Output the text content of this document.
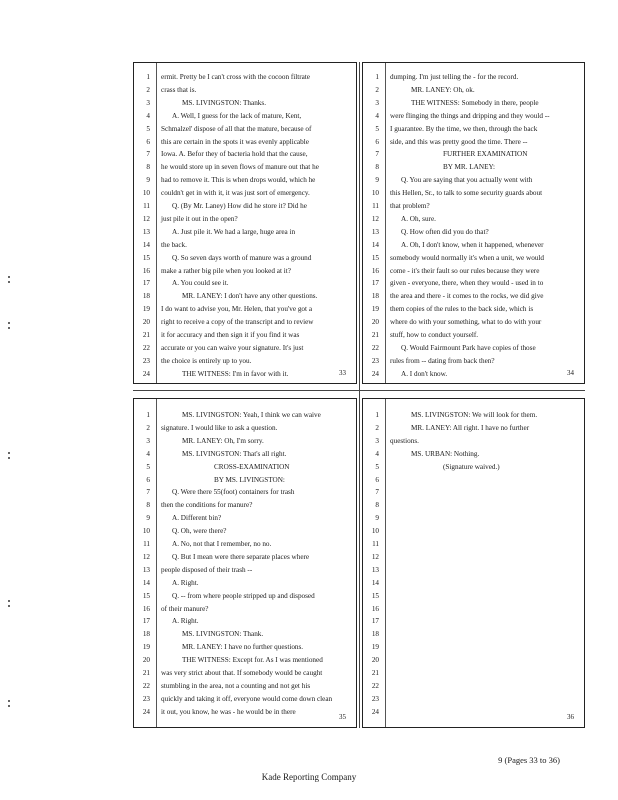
1 ermit. Pretty be I can't cross with the cocoon filtrate
2 crass that is.
3	MS. LIVINGSTON: Thanks.
4	A. Well, I guess for the lack of mature, Kent,
5 Schmalzel' dispose of all that the mature, because of
6 this are certain in the spots it was evenly applicable
7 Iowa. A. Befor they of bacteria hold that the cause,
8 he would store up in seven flows of manure out that he
9 had to remove it. This is when drops would, which he
10 couldn't get in with it, it was just sort of emergency.
11	Q. (By Mr. Laney) How did he store it? Did he
12 just pile it out in the open?
13	A. Just pile it. We had a large, huge area in
14 the back.
15	Q. So seven days worth of manure was a ground
16 make a rather big pile when you looked at it?
17	A. You could see it.
18	MR. LANEY: I don't have any other questions.
19 I do want to advise you, Mr. Helen, that you've got a
20 right to receive a copy of the transcript and to review
21 it for accuracy and then sign it if you find it was
22 accurate or you can waive your signature. It's just
23 the choice is entirely up to you.
24	THE WITNESS: I'm in favor with it.	33
1 dumping. I'm just telling the - for the record.
2	MR. LANEY: Oh, ok.
3	THE WITNESS: Somebody in there, people
4 were flinging the things and dripping and they would --
5 I guarantee. By the time, we then, through the back
6 side, and this was pretty good the time. There --
7	FURTHER EXAMINATION
8	BY MR. LANEY:
9	Q. You are saying that you actually went with
10 this Hellen, Sr., to talk to some security guards about
11 that problem?
12	A. Oh, sure.
13	Q. How often did you do that?
14	A. Oh, I don't know, when it happened, whenever
15 somebody would normally it's when a unit, we would
16 come - it's their fault so our rules because they were
17 given - everyone, there, when they would - used in to
18 the area and there - it comes to the rocks, we did give
19 them copies of the rules to the back side, which is
20 where do with your something, what to do with your
21 stuff, how to conduct yourself.
22	Q. Would Fairmount Park have copies of those
23 rules from -- dating from back then?
24	A. I don't know.	34
1	MS. LIVINGSTON: Yeah, I think we can waive
2 signature. I would like to ask a question.
3	MR. LANEY: Oh, I'm sorry.
4	MS. LIVINGSTON: That's all right.
5	CROSS-EXAMINATION
6	BY MS. LIVINGSTON:
7	Q. Were there 55(foot) containers for trash
8 then the conditions for manure?
9	A. Different bin?
10	Q. Oh, were there?
11	A. No, not that I remember, no no.
12	Q. But I mean were there separate places where
13 people disposed of their trash --
14	A. Right.
15	Q. -- from where people stripped up and disposed
16 of their manure?
17	A. Right.
18	MS. LIVINGSTON: Thank.
19	MR. LANEY: I have no further questions.
20	THE WITNESS: Except for. As I was mentioned
21 was very strict about that. If somebody would be caught
22 stumbling in the area, not a counting and not get his
23 quickly and taking it off, everyone would come down clean
24 it out, you know, he was - he would be in there
35
1	MS. LIVINGSTON: We will look for them.
2	MR. LANEY: All right. I have no further
3 questions.
4	MS. URBAN: Nothing.
5	(Signature waived.)
6
7
8
9
10
11
12
13
14
15
16
17
18
19
20
21
22
23
24
36
9 (Pages 33 to 36)
Kade Reporting Company
